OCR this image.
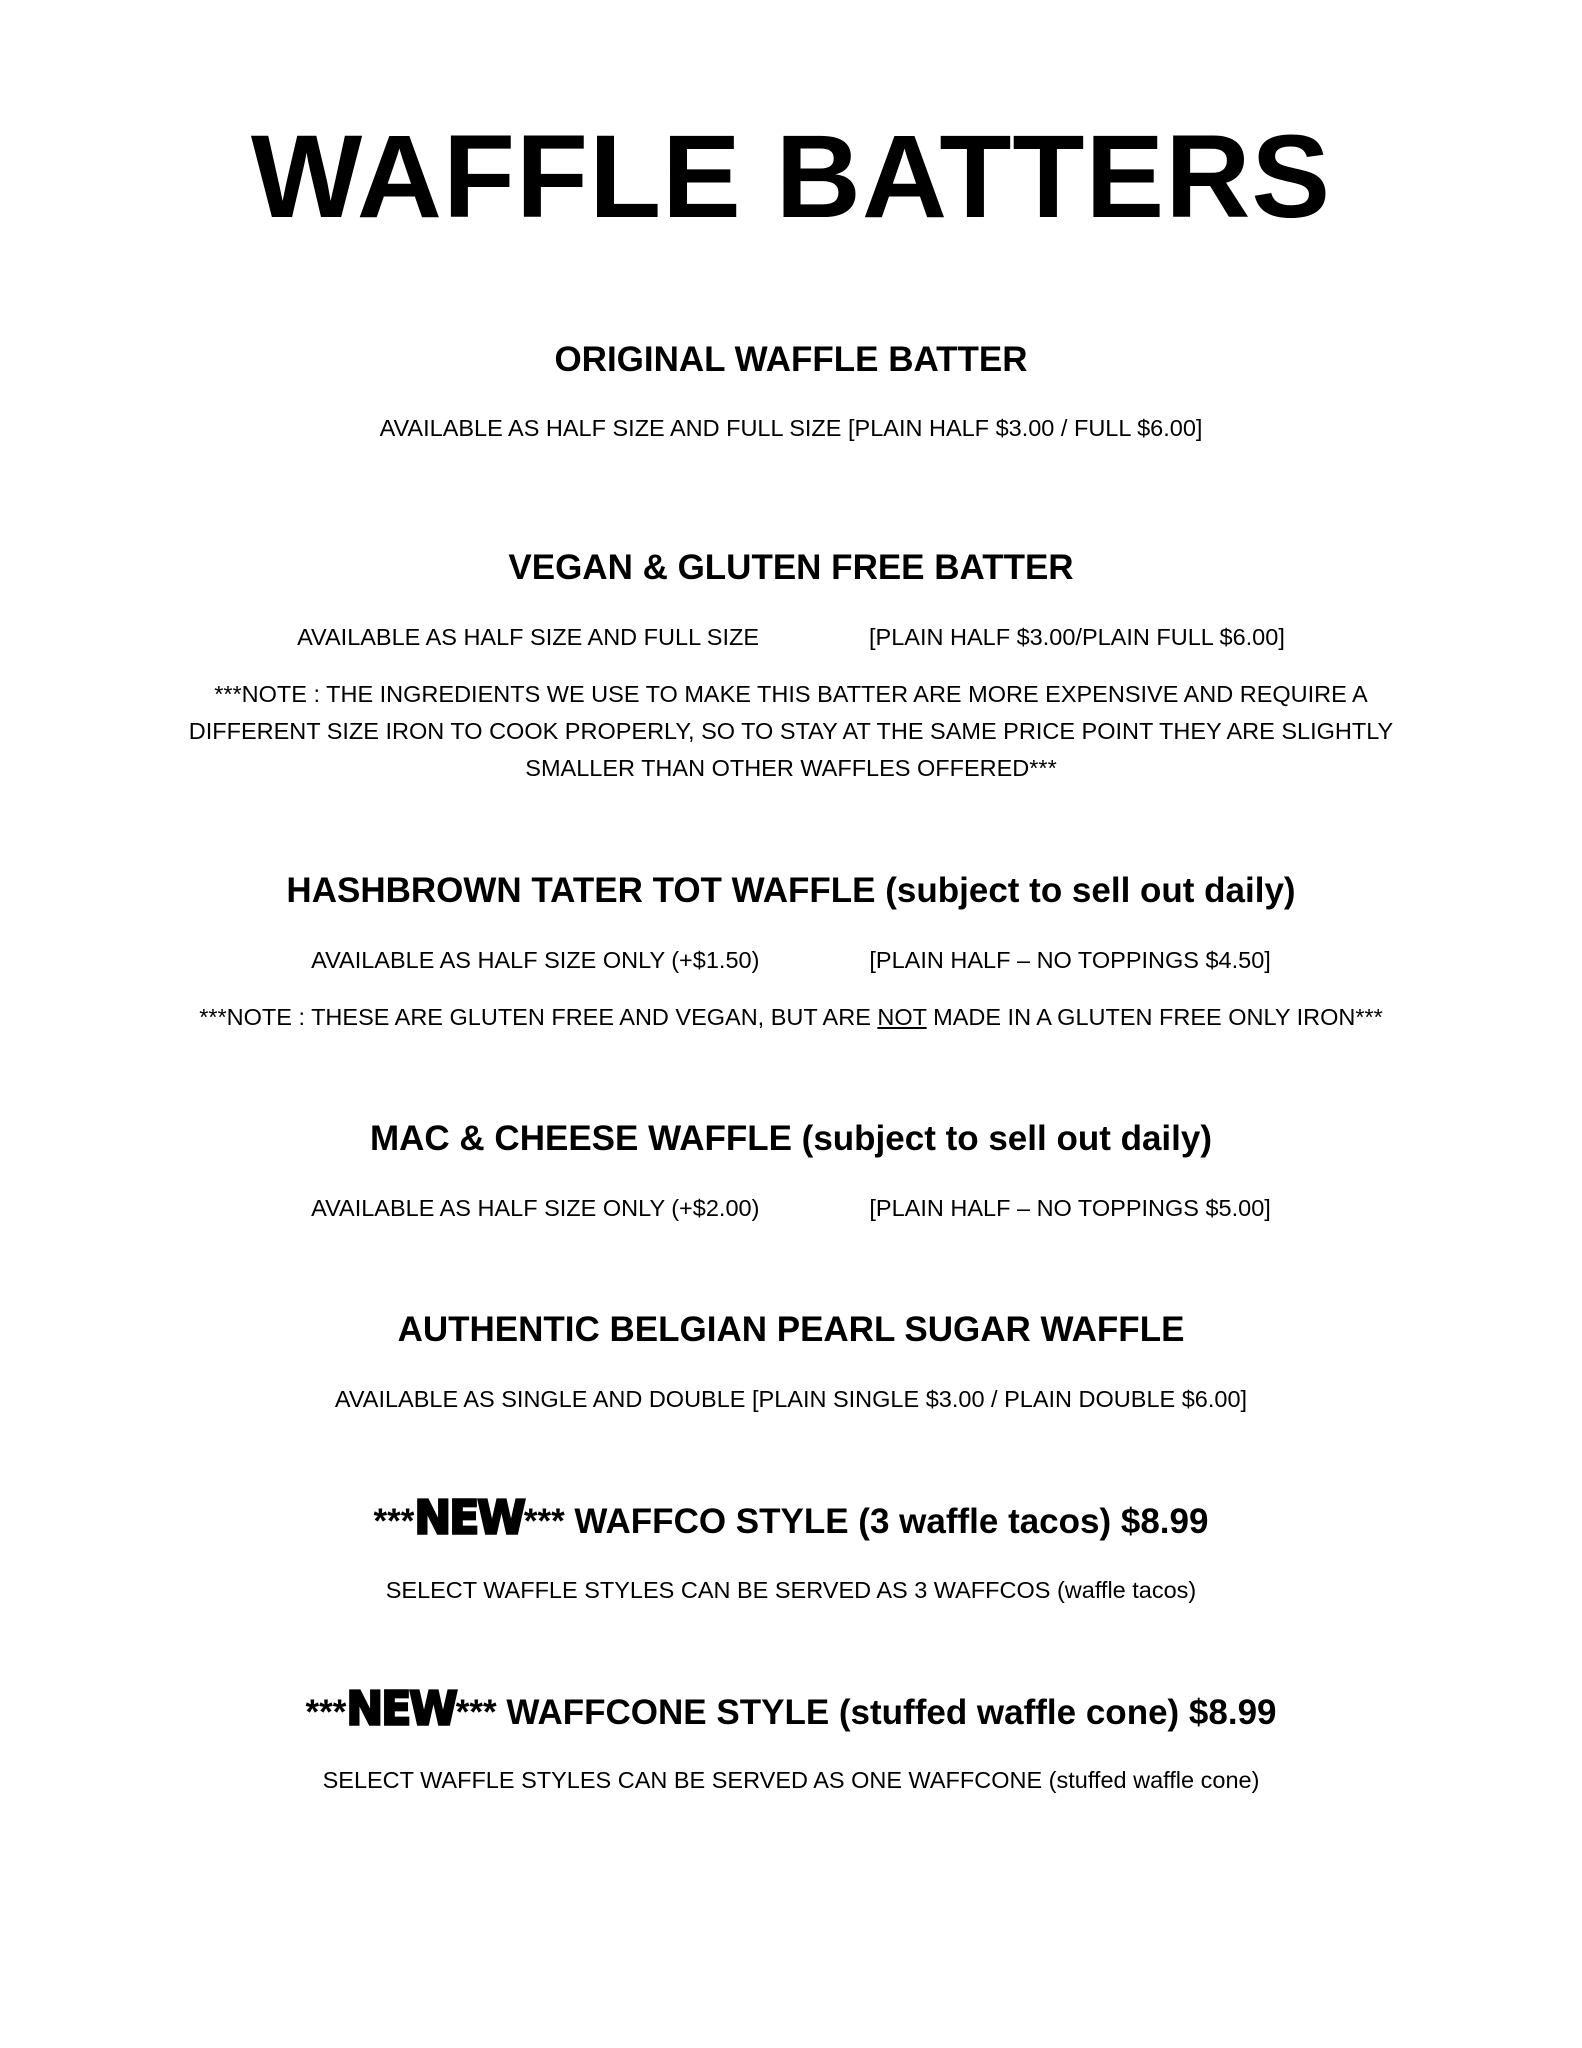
WAFFLE BATTERS
ORIGINAL WAFFLE BATTER
AVAILABLE AS HALF SIZE AND FULL SIZE [PLAIN HALF $3.00 / FULL $6.00]
VEGAN & GLUTEN FREE BATTER
AVAILABLE AS HALF SIZE AND FULL SIZE	[PLAIN HALF $3.00/PLAIN FULL $6.00]
***NOTE : THE INGREDIENTS WE USE TO MAKE THIS BATTER ARE MORE EXPENSIVE AND REQUIRE A
DIFFERENT SIZE IRON TO COOK PROPERLY, SO TO STAY AT THE SAME PRICE POINT THEY ARE SLIGHTLY
SMALLER THAN OTHER WAFFLES OFFERED***
HASHBROWN TATER TOT WAFFLE (subject to sell out daily)
AVAILABLE AS HALF SIZE ONLY (+$1.50)	[PLAIN HALF – NO TOPPINGS $4.50]
***NOTE : THESE ARE GLUTEN FREE AND VEGAN, BUT ARE NOT MADE IN A GLUTEN FREE ONLY IRON***
MAC & CHEESE WAFFLE (subject to sell out daily)
AVAILABLE AS HALF SIZE ONLY (+$2.00)	[PLAIN HALF – NO TOPPINGS $5.00]
AUTHENTIC BELGIAN PEARL SUGAR WAFFLE
AVAILABLE AS SINGLE AND DOUBLE [PLAIN SINGLE $3.00 / PLAIN DOUBLE $6.00]
***NEW*** WAFFCO STYLE (3 waffle tacos) $8.99
SELECT WAFFLE STYLES CAN BE SERVED AS 3 WAFFCOS (waffle tacos)
***NEW*** WAFFCONE STYLE (stuffed waffle cone) $8.99
SELECT WAFFLE STYLES CAN BE SERVED AS ONE WAFFCONE (stuffed waffle cone)
